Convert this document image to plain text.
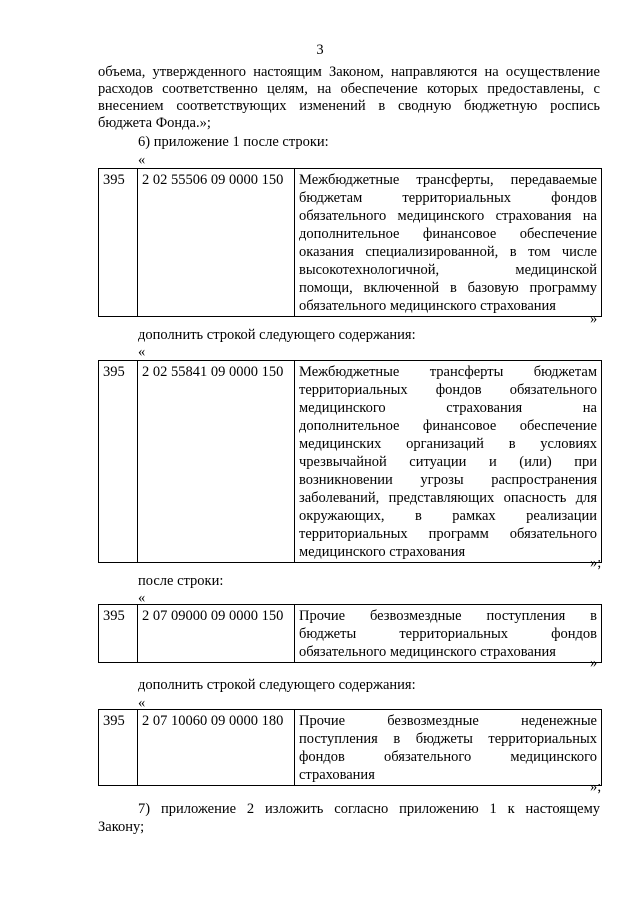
3
объема, утвержденного настоящим Законом, направляются на осуществление
расходов соответственно целям, на обеспечение которых предоставлены, с
внесением соответствующих изменений в сводную бюджетную роспись
бюджета Фонда.»;
6) приложение 1 после строки:
«
395	2 02 55506 09 0000 150	Межбюджетные трансферты, передаваемые
бюджетам территориальных фондов
обязательного медицинского страхования на
дополнительное финансовое обеспечение
оказания специализированной, в том числе
высокотехнологичной, медицинской
помощи, включенной в базовую программу
обязательного медицинского страхования
»
дополнить строкой следующего содержания:
«
395	2 02 55841 09 0000 150	Межбюджетные трансферты бюджетам
территориальных фондов обязательного
медицинского страхования на
дополнительное финансовое обеспечение
медицинских организаций в условиях
чрезвычайной ситуации и (или) при
возникновении угрозы распространения
заболеваний, представляющих опасность для
окружающих, в рамках реализации
территориальных программ обязательного
медицинского страхования
»;
после строки:
«
395	2 07 09000 09 0000 150	Прочие безвозмездные поступления в
бюджеты территориальных фондов
обязательного медицинского страхования
»
дополнить строкой следующего содержания:
«
395	2 07 10060 09 0000 180	Прочие безвозмездные неденежные
поступления в бюджеты территориальных
фондов обязательного медицинского
страхования
»;
7) приложение 2 изложить согласно приложению 1 к настоящему
Закону;
